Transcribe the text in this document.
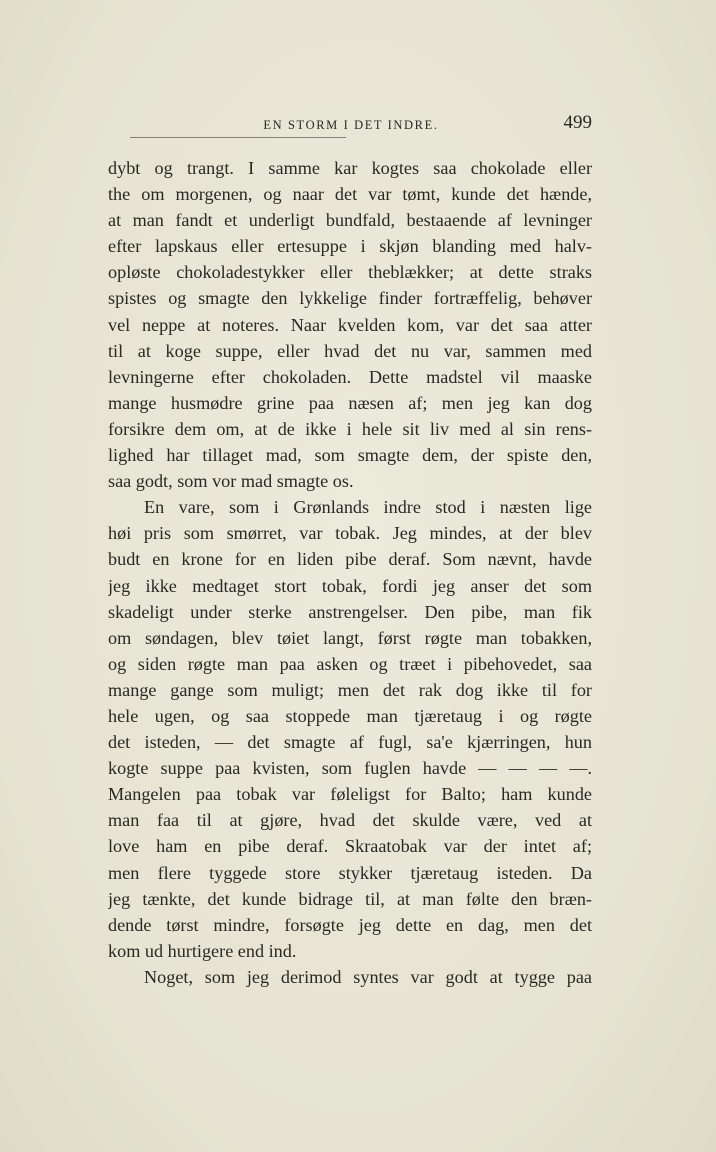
EN STORM I DET INDRE.	499
dybt og trangt. I samme kar kogtes saa chokolade eller
the om morgenen, og naar det var tømt, kunde det hænde,
at man fandt et underligt bundfald, bestaaende af levninger
efter lapskaus eller ertesuppe i skjøn blanding med halv-
opløste chokoladestykker eller theblækker; at dette straks
spistes og smagte den lykkelige finder fortræffelig, behøver
vel neppe at noteres. Naar kvelden kom, var det saa atter
til at koge suppe, eller hvad det nu var, sammen med
levningerne efter chokoladen. Dette madstel vil maaske
mange husmødre grine paa næsen af; men jeg kan dog
forsikre dem om, at de ikke i hele sit liv med al sin rens-
lighed har tillaget mad, som smagte dem, der spiste den,
saa godt, som vor mad smagte os.
En vare, som i Grønlands indre stod i næsten lige
høi pris som smørret, var tobak. Jeg mindes, at der blev
budt en krone for en liden pibe deraf. Som nævnt, havde
jeg ikke medtaget stort tobak, fordi jeg anser det som
skadeligt under sterke anstrengelser. Den pibe, man fik
om søndagen, blev tøiet langt, først røgte man tobakken,
og siden røgte man paa asken og træet i pibehovedet, saa
mange gange som muligt; men det rak dog ikke til for
hele ugen, og saa stoppede man tjæretaug i og røgte
det isteden, — det smagte af fugl, sa'e kjærringen, hun
kogte suppe paa kvisten, som fuglen havde — — — —.
Mangelen paa tobak var føleligst for Balto; ham kunde
man faa til at gjøre, hvad det skulde være, ved at
love ham en pibe deraf. Skraatobak var der intet af;
men flere tyggede store stykker tjæretaug isteden. Da
jeg tænkte, det kunde bidrage til, at man følte den bræn-
dende tørst mindre, forsøgte jeg dette en dag, men det
kom ud hurtigere end ind.
Noget, som jeg derimod syntes var godt at tygge paa
